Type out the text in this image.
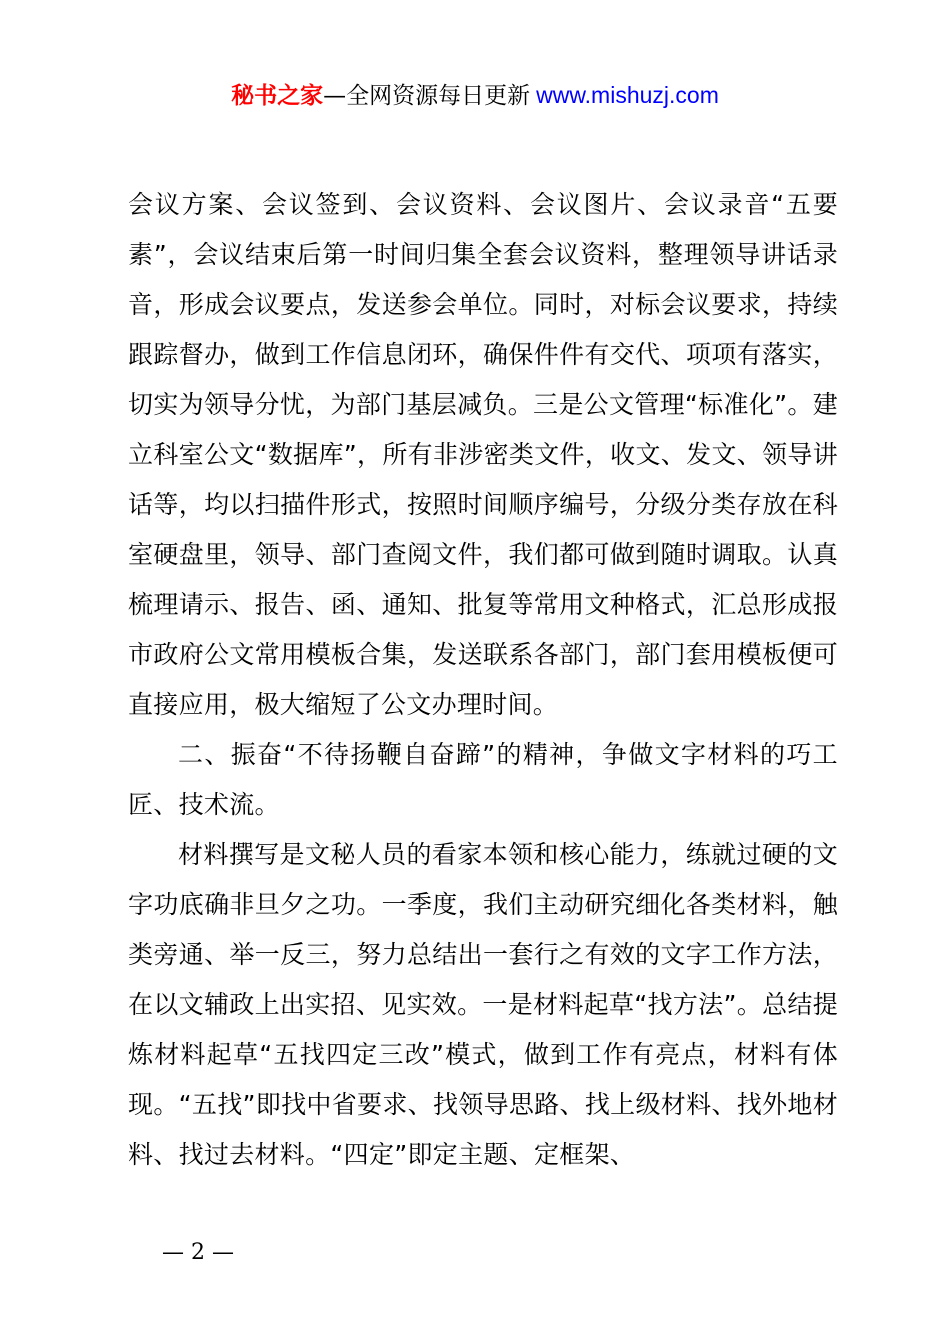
秘书之家—全网资源每日更新 www.mishuzj.com

会议方案、会议签到、会议资料、会议图片、会议录音“五要素”，会议结束后第一时间归集全套会议资料，整理领导讲话录音，形成会议要点，发送参会单位。同时，对标会议要求，持续跟踪督办，做到工作信息闭环，确保件件有交代、项项有落实，切实为领导分忧，为部门基层减负。三是公文管理“标准化”。建立科室公文“数据库”，所有非涉密类文件，收文、发文、领导讲话等，均以扫描件形式，按照时间顺序编号，分级分类存放在科室硬盘里，领导、部门查阅文件，我们都可做到随时调取。认真梳理请示、报告、函、通知、批复等常用文种格式，汇总形成报市政府公文常用模板合集，发送联系各部门，部门套用模板便可直接应用，极大缩短了公文办理时间。

二、振奋“不待扬鞭自奋蹄”的精神，争做文字材料的巧工匠、技术流。

材料撰写是文秘人员的看家本领和核心能力，练就过硬的文字功底确非旦夕之功。一季度，我们主动研究细化各类材料，触类旁通、举一反三，努力总结出一套行之有效的文字工作方法，在以文辅政上出实招、见实效。一是材料起草“找方法”。总结提炼材料起草“五找四定三改”模式，做到工作有亮点，材料有体现。“五找”即找中省要求、找领导思路、找上级材料、找外地材料、找过去材料。“四定”即定主题、定框架、

— 2 —
